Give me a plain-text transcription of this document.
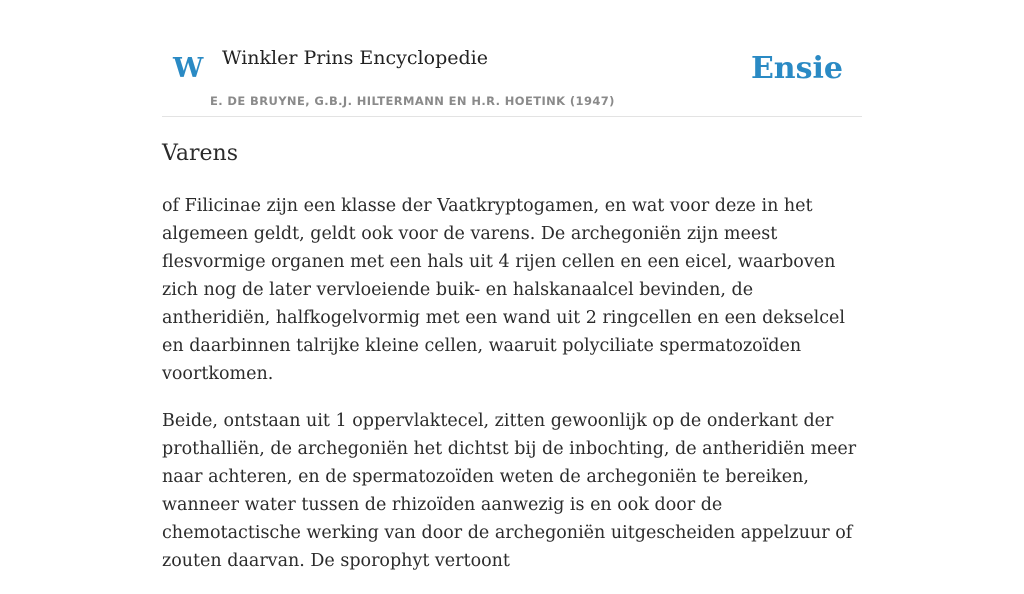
W Winkler Prins Encyclopedie
E. DE BRUYNE, G.B.J. HILTERMANN EN H.R. HOETINK (1947)
Ensie
Varens

of Filicinae zijn een klasse der Vaatkryptogamen, en wat voor deze in het algemeen geldt, geldt ook voor de varens. De archegoniën zijn meest flesvormige organen met een hals uit 4 rijen cellen en een eicel, waarboven zich nog de later vervloeiende buik- en halskanaalcel bevinden, de antheridiën, halfkogelvormig met een wand uit 2 ringcellen en een dekselcel en daarbinnen talrijke kleine cellen, waaruit polyciliate spermatozoïden voortkomen.

Beide, ontstaan uit 1 oppervlaktecel, zitten gewoonlijk op de onderkant der prothalliën, de archegoniën het dichtst bij de inbochting, de antheridiën meer naar achteren, en de spermatozoïden weten de archegoniën te bereiken, wanneer water tussen de rhizoïden aanwezig is en ook door de chemotactische werking van door de archegoniën uitgescheiden appelzuur of zouten daarvan. De sporophyt vertoont
